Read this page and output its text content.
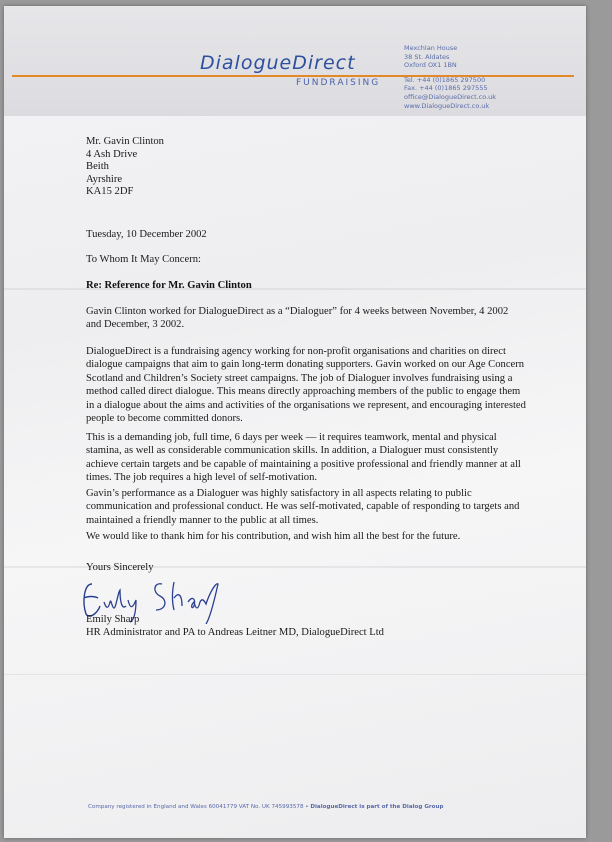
DialogueDirect
FUNDRAISING
Mexchlan House
38 St. Aldates
Oxford OX1 1BN
Tel. +44 (0)1865 297500
Fax. +44 (0)1865 297555
office@DialogueDirect.co.uk
www.DialogueDirect.co.uk
Mr. Gavin Clinton
4 Ash Drive
Beith
Ayrshire
KA15 2DF
Tuesday, 10 December 2002
To Whom It May Concern:
Re: Reference for Mr. Gavin Clinton
Gavin Clinton worked for DialogueDirect as a “Dialoguer” for 4 weeks between November, 4 2002 and December, 3 2002.
DialogueDirect is a fundraising agency working for non-profit organisations and charities on direct dialogue campaigns that aim to gain long-term donating supporters. Gavin worked on our Age Concern Scotland and Children’s Society street campaigns. The job of Dialoguer involves fundraising using a method called direct dialogue. This means directly approaching members of the public to engage them in a dialogue about the aims and activities of the organisations we represent, and encouraging interested people to become committed donors.
This is a demanding job, full time, 6 days per week — it requires teamwork, mental and physical stamina, as well as considerable communication skills. In addition, a Dialoguer must consistently achieve certain targets and be capable of maintaining a positive professional and friendly manner at all times. The job requires a high level of self-motivation.
Gavin’s performance as a Dialoguer was highly satisfactory in all aspects relating to public communication and professional conduct. He was self-motivated, capable of responding to targets and maintained a friendly manner to the public at all times.
We would like to thank him for his contribution, and wish him all the best for the future.
Yours Sincerely
Emily Sharp
HR Administrator and PA to Andreas Leitner MD, DialogueDirect Ltd
Company registered in England and Wales 60041779 VAT No. UK 745993578 • DialogueDirect is part of the Dialog Group
